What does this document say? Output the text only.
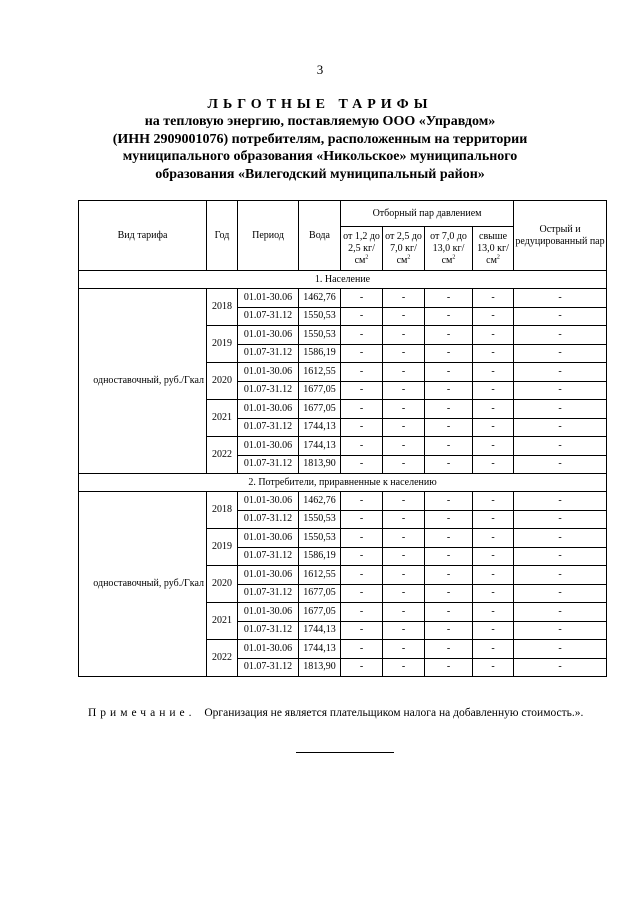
3
ЛЬГОТНЫЕ ТАРИФЫ
на тепловую энергию, поставляемую ООО «Управдом»
(ИНН 2909001076) потребителям, расположенным на территории
муниципального образования «Никольское» муниципального
образования «Вилегодский муниципальный район»
Вид тарифа	Год	Период	Вода	Отборный пар давлением				Острый и редуцированный пар
				от 1,2 до 2,5 $кг/см^2$	от 2,5 до 7,0 $кг/см^2$	от 7,0 до 13,0 $кг/см^2$	свыше 13,0 $кг/см^2$
1. Население								
одноставочный, руб./Гкал	2018	01.01-30.06	1462,76	-	-	-	-	-
		01.07-31.12	1550,53	-	-	-	-	-
	2019	01.01-30.06	1550,53	-	-	-	-	-
		01.07-31.12	1586,19	-	-	-	-	-
	2020	01.01-30.06	1612,55	-	-	-	-	-
		01.07-31.12	1677,05	-	-	-	-	-
	2021	01.01-30.06	1677,05	-	-	-	-	-
		01.07-31.12	1744,13	-	-	-	-	-
	2022	01.01-30.06	1744,13	-	-	-	-	-
		01.07-31.12	1813,90	-	-	-	-	-
2. Потребители, приравненные к населению								
одноставочный, руб./Гкал	2018	01.01-30.06	1462,76	-	-	-	-	-
		01.07-31.12	1550,53	-	-	-	-	-
	2019	01.01-30.06	1550,53	-	-	-	-	-
		01.07-31.12	1586,19	-	-	-	-	-
	2020	01.01-30.06	1612,55	-	-	-	-	-
		01.07-31.12	1677,05	-	-	-	-	-
	2021	01.01-30.06	1677,05	-	-	-	-	-
		01.07-31.12	1744,13	-	-	-	-	-
	2022	01.01-30.06	1744,13	-	-	-	-	-
		01.07-31.12	1813,90	-	-	-	-	-
Примечание. Организация не является плательщиком налога на добавленную стоимость.».
